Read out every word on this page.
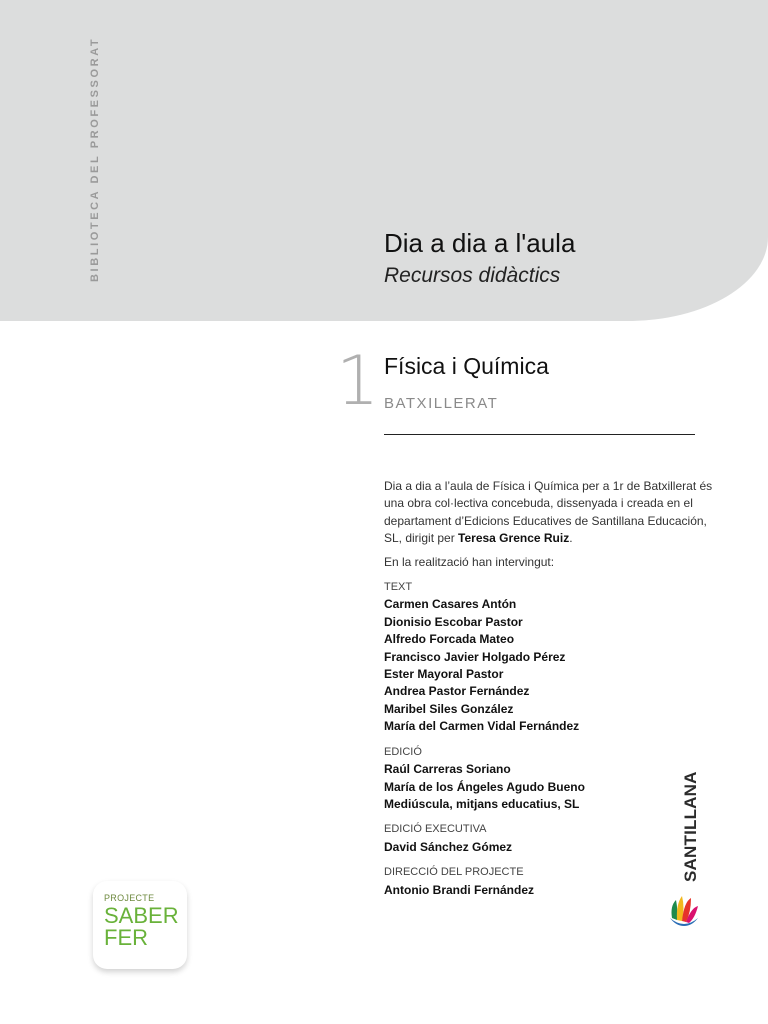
BIBLIOTECA DEL PROFESSORAT	Dia a dia a l'aula
Recursos didàctics
1 Física i Química
BATXILLERAT

Dia a dia a l’aula de Física i Química per a 1r de Batxillerat és una obra col·lectiva concebuda, dissenyada i creada en el departament d’Edicions Educatives de Santillana Educación, SL, dirigit per Teresa Grence Ruiz.

En la realització han intervingut:

TEXT
Carmen Casares Antón
Dionisio Escobar Pastor
Alfredo Forcada Mateo
Francisco Javier Holgado Pérez
Ester Mayoral Pastor
Andrea Pastor Fernández
Maribel Siles González
María del Carmen Vidal Fernández
EDICIÓ
Raúl Carreras Soriano
María de los Ángeles Agudo Bueno
Mediúscula, mitjans educatius, SL
EDICIÓ EXECUTIVA
David Sánchez Gómez
DIRECCIÓ DEL PROJECTE
Antonio Brandi Fernández
PROJECTE
SABER
FER
SANTILLANA
